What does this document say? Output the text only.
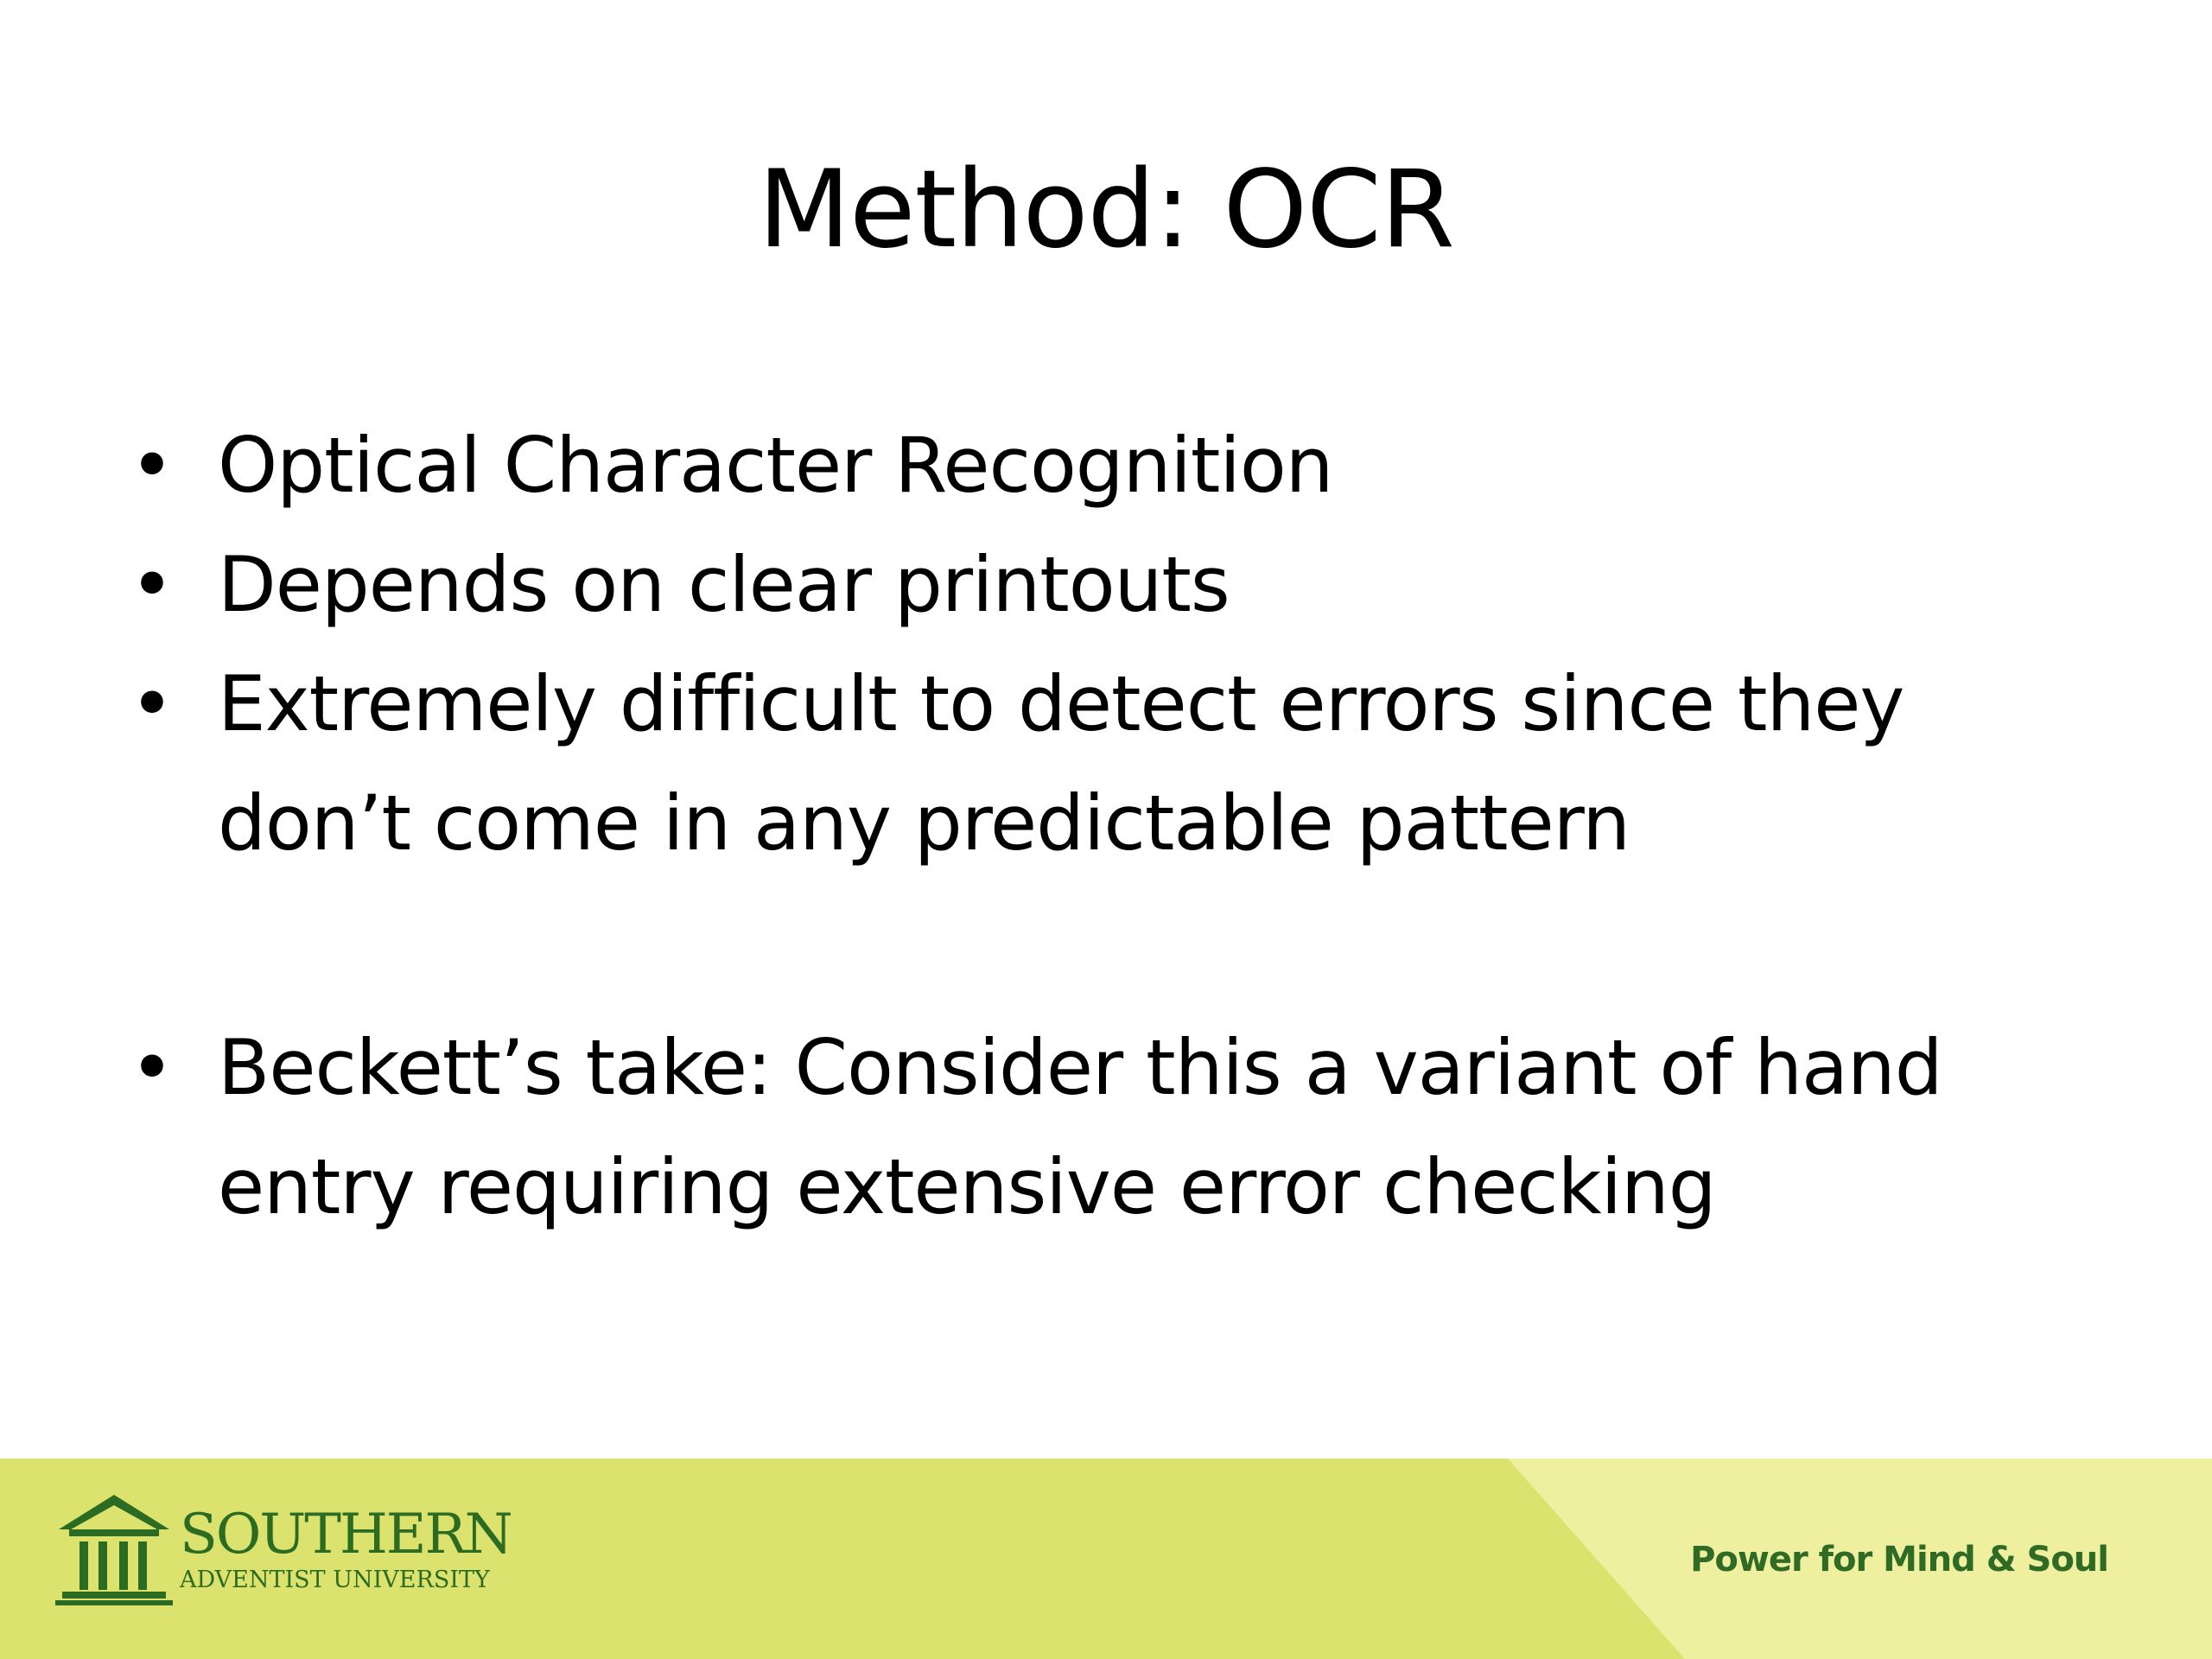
Method: OCR
• Optical Character Recognition
• Depends on clear printouts
• Extremely difficult to detect errors since they
don’t come in any predictable pattern
• Beckett’s take: Consider this a variant of hand
entry requiring extensive error checking
SOUTHERN
ADVENTIST UNIVERSITY
Power for Mind & Soul
